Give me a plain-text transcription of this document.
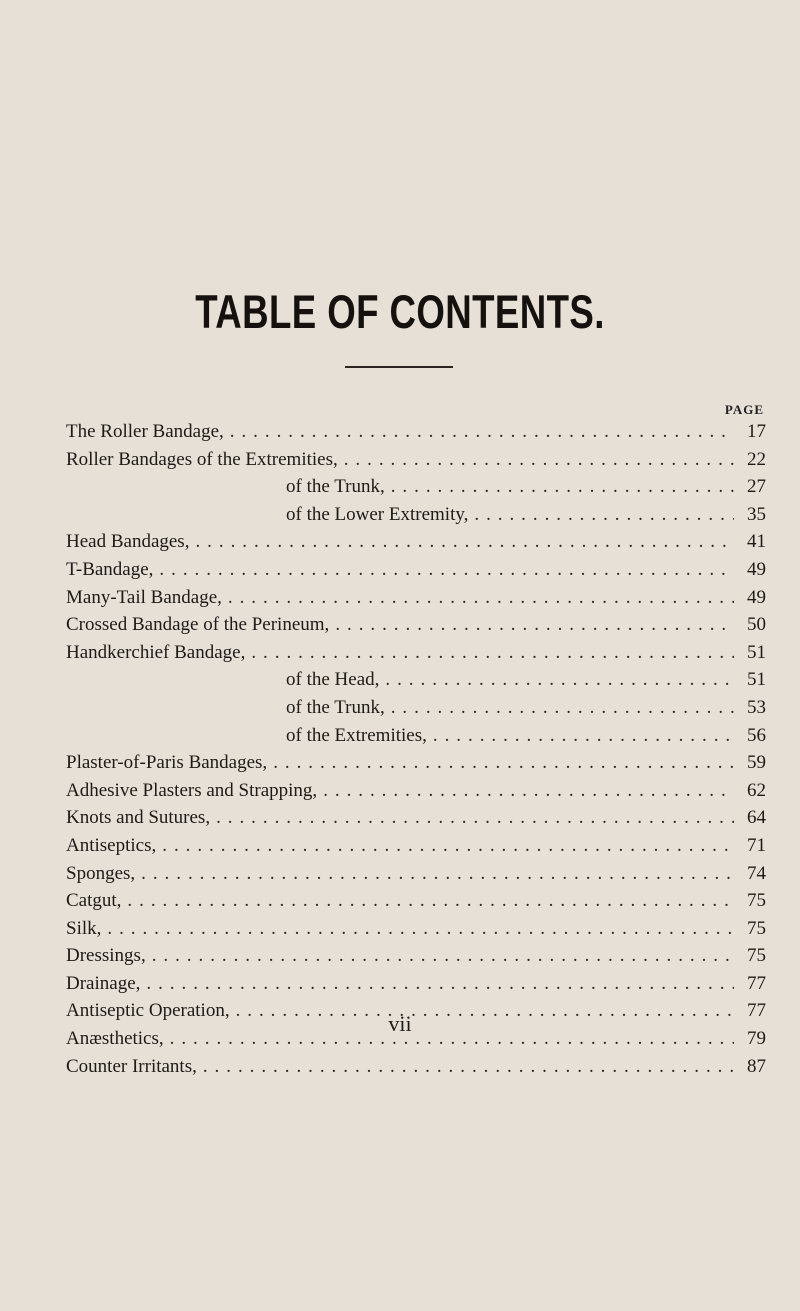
TABLE OF CONTENTS.
PAGE
The Roller Bandage, . . .	17
Roller Bandages of the Extremities, . . .	22
of the Trunk, . . .	27
of the Lower Extremity, . . .	35
Head Bandages, . . .	41
T-Bandage, . . .	49
Many-Tail Bandage, . . .	49
Crossed Bandage of the Perineum, . . .	50
Handkerchief Bandage, . . .	51
of the Head, . . .	51
of the Trunk, . . .	53
of the Extremities, . . .	56
Plaster-of-Paris Bandages, . . .	59
Adhesive Plasters and Strapping, . . .	62
Knots and Sutures, . . .	64
Antiseptics, . . .	71
Sponges, . . .	74
Catgut, . . .	75
Silk, . . .	75
Dressings, . . .	75
Drainage, . . .	77
Antiseptic Operation, . . .	77
Anæsthetics, . . .	79
Counter Irritants, . . .	87
vii
